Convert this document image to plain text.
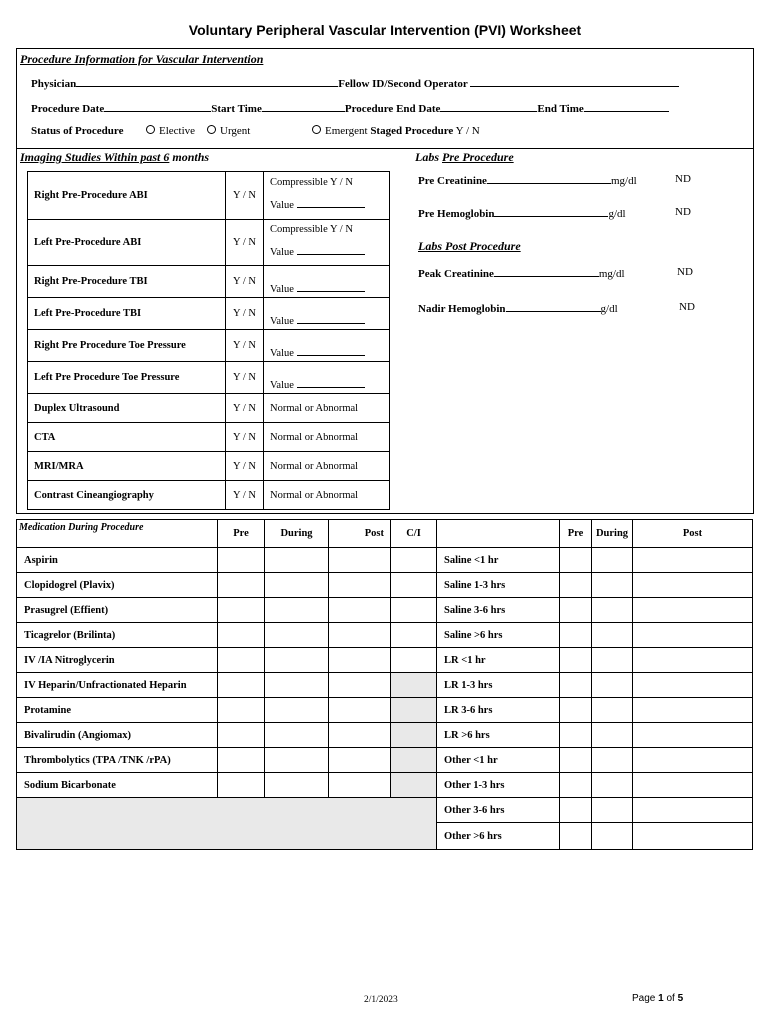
Voluntary Peripheral Vascular Intervention (PVI) Worksheet
Procedure Information for Vascular Intervention
Physician	Fellow ID/Second Operator
Procedure Date	Start Time	Procedure End Date	End Time
Status of Procedure	Elective	Urgent	Emergent Staged Procedure Y / N
Imaging Studies Within past 6 months
Right Pre-Procedure ABI	Y / N	Compressible Y / N
Value

Left Pre-Procedure ABI	Y / N	Compressible Y / N
Value

Right Pre-Procedure TBI	Y / N	Value
Left Pre-Procedure TBI	Y / N	Value
Right Pre Procedure Toe Pressure	Y / N	Value
Left Pre Procedure Toe Pressure	Y / N	Value
Duplex Ultrasound	Y / N	Normal or Abnormal
CTA	Y / N	Normal or Abnormal
MRI/MRA	Y / N	Normal or Abnormal
Contrast Cineangiography	Y / N	Normal or Abnormal
Labs Pre Procedure
Pre Creatinine	mg/dl	ND
Pre Hemoglobin	g/dl	ND
Labs Post Procedure
Peak Creatinine	mg/dl	ND
Nadir Hemoglobin	g/dl	ND
Medication During Procedure	Pre	During	Post	C/I		Pre	During	Post
Aspirin					Saline <1 hr			
Clopidogrel (Plavix)					Saline 1-3 hrs			
Prasugrel (Effient)					Saline 3-6 hrs			
Ticagrelor (Brilinta)					Saline >6 hrs			
IV /IA Nitroglycerin					LR <1 hr			
IV Heparin/Unfractionated Heparin					LR 1-3 hrs			
Protamine					LR 3-6 hrs			
Bivalirudin (Angiomax)					LR >6 hrs			
Thrombolytics (TPA /TNK /rPA)					Other <1 hr			
Sodium Bicarbonate					Other 1-3 hrs			
					Other 3-6 hrs			
					Other >6 hrs			
2/1/2023	Page 1 of 5
